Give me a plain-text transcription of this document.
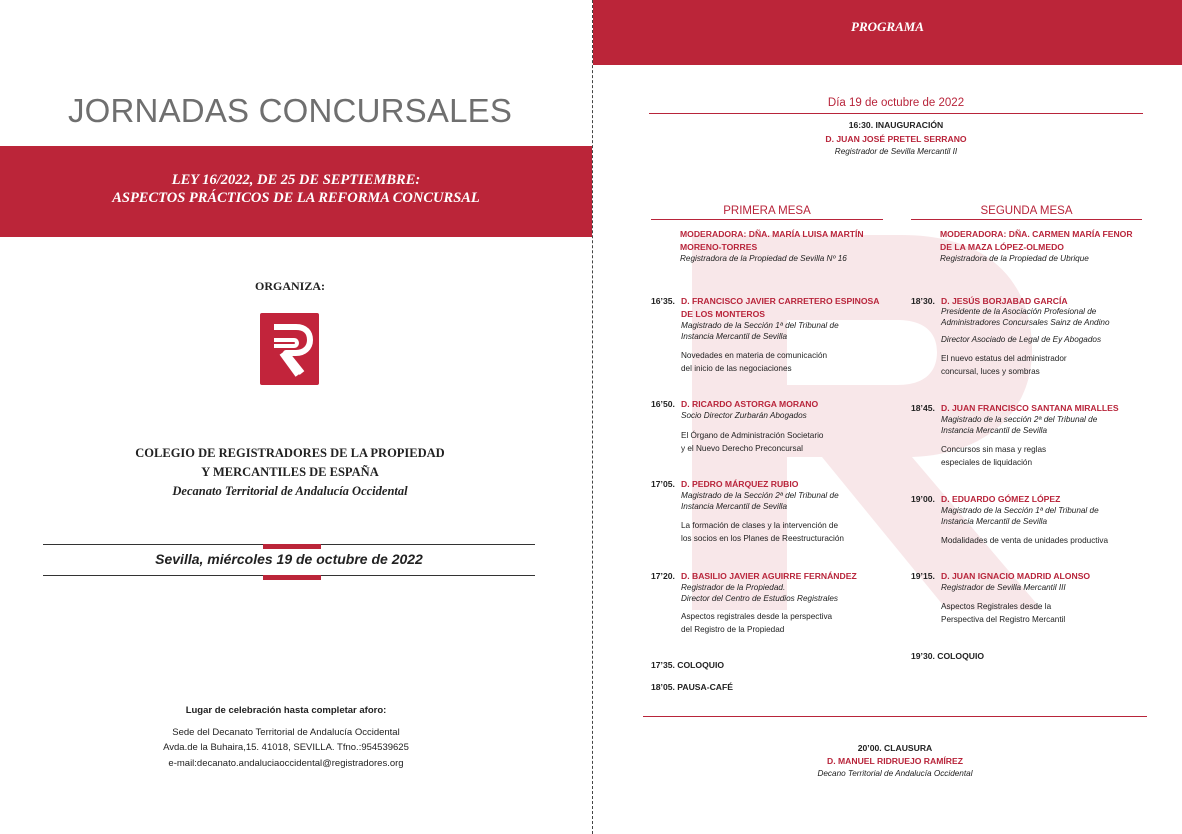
JORNADAS CONCURSALES
LEY 16/2022, DE 25 DE SEPTIEMBRE:
ASPECTOS PRÁCTICOS DE LA REFORMA CONCURSAL
ORGANIZA:
COLEGIO DE REGISTRADORES DE LA PROPIEDAD
Y MERCANTILES DE ESPAÑA
Decanato Territorial de Andalucía Occidental
Sevilla, miércoles 19 de octubre de 2022
Lugar de celebración hasta completar aforo:
Sede del Decanato Territorial de Andalucía Occidental
Avda.de la Buhaira,15. 41018, SEVILLA. Tfno.:954539625
e-mail:decanato.andaluciaoccidental@registradores.org
PROGRAMA
Día 19 de octubre de 2022
16:30. INAUGURACIÓN
D. JUAN JOSÉ PRETEL SERRANO
Registrador de Sevilla Mercantil II
PRIMERA MESA
MODERADORA: DÑA. MARÍA LUISA MARTÍN
MORENO-TORRES
Registradora de la Propiedad de Sevilla Nº 16
16’35. D. FRANCISCO JAVIER CARRETERO ESPINOSA
DE LOS MONTEROS
Magistrado de la Sección 1ª del Tribunal de
Instancia Mercantil de Sevilla
Novedades en materia de comunicación
del inicio de las negociaciones
16’50. D. RICARDO ASTORGA MORANO
Socio Director Zurbarán Abogados
El Órgano de Administración Societario
y el Nuevo Derecho Preconcursal
17’05. D. PEDRO MÁRQUEZ RUBIO
Magistrado de la Sección 2ª del Tribunal de
Instancia Mercantil de Sevilla
La formación de clases y la intervención de
los socios en los Planes de Reestructuración
17’20. D. BASILIO JAVIER AGUIRRE FERNÁNDEZ
Registrador de la Propiedad.
Director del Centro de Estudios Registrales
Aspectos registrales desde la perspectiva
del Registro de la Propiedad
17’35. COLOQUIO
18’05. PAUSA-CAFÉ
SEGUNDA MESA
MODERADORA: DÑA. CARMEN MARÍA FENOR
DE LA MAZA LÓPEZ-OLMEDO
Registradora de la Propiedad de Ubrique
18’30. D. JESÚS BORJABAD GARCÍA
Presidente de la Asociación Profesional de
Administradores Concursales Sainz de Andino
Director Asociado de Legal de Ey Abogados
El nuevo estatus del administrador
concursal, luces y sombras
18’45. D. JUAN FRANCISCO SANTANA MIRALLES
Magistrado de la sección 2ª del Tribunal de
Instancia Mercantil de Sevilla
Concursos sin masa y reglas
especiales de liquidación
19’00. D. EDUARDO GÓMEZ LÓPEZ
Magistrado de la Sección 1ª del Tribunal de
Instancia Mercantil de Sevilla
Modalidades de venta de unidades productiva
19’15. D. JUAN IGNACIO MADRID ALONSO
Registrador de Sevilla Mercantil III
Aspectos Registrales desde la
Perspectiva del Registro Mercantil
19’30. COLOQUIO
20’00. CLAUSURA
D. MANUEL RIDRUEJO RAMÍREZ
Decano Territorial de Andalucía Occidental
